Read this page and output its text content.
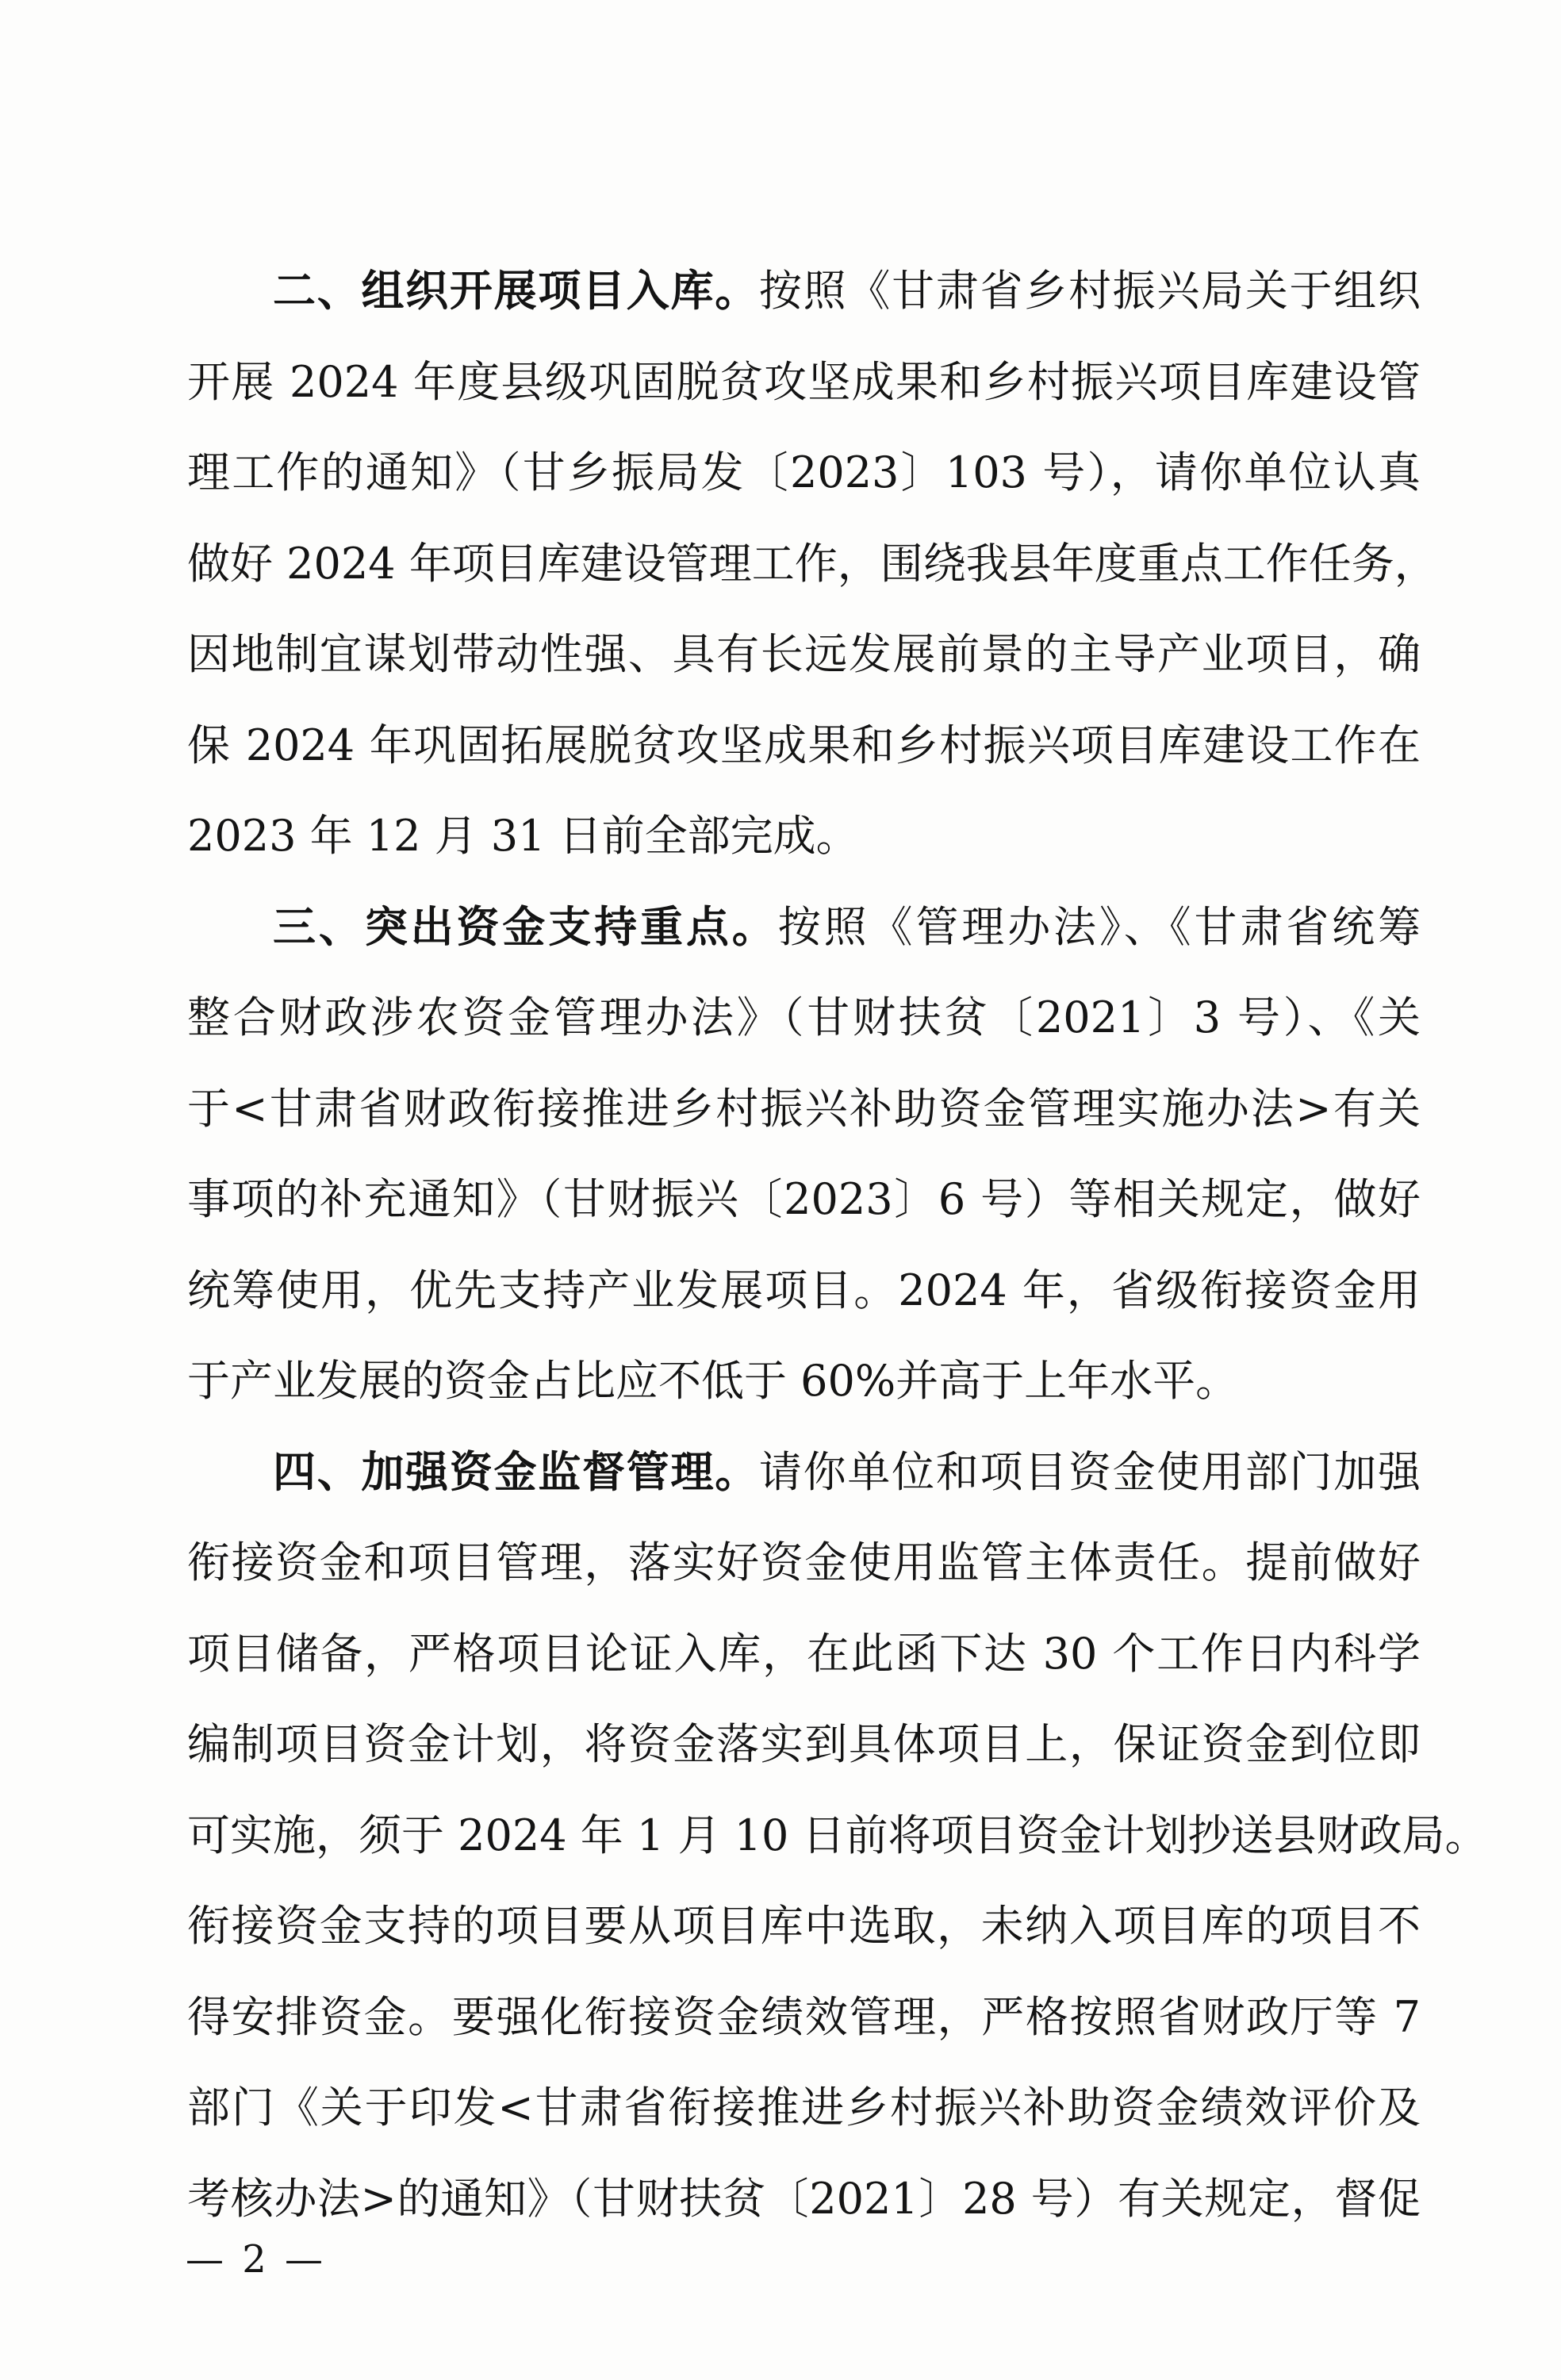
二、组织开展项目入库。按照《甘肃省乡村振兴局关于组织
开展 2024 年度县级巩固脱贫攻坚成果和乡村振兴项目库建设管
理工作的通知》（甘乡振局发〔2023〕103 号），请你单位认真
做好 2024 年项目库建设管理工作，围绕我县年度重点工作任务，
因地制宜谋划带动性强、具有长远发展前景的主导产业项目，确
保 2024 年巩固拓展脱贫攻坚成果和乡村振兴项目库建设工作在
2023 年 12 月 31 日前全部完成。
三、突出资金支持重点。按照《管理办法》、《甘肃省统筹
整合财政涉农资金管理办法》（甘财扶贫〔2021〕3 号）、《关
于<甘肃省财政衔接推进乡村振兴补助资金管理实施办法>有关
事项的补充通知》（甘财振兴〔2023〕6 号）等相关规定，做好
统筹使用，优先支持产业发展项目。2024 年，省级衔接资金用
于产业发展的资金占比应不低于 60%并高于上年水平。
四、加强资金监督管理。请你单位和项目资金使用部门加强
衔接资金和项目管理，落实好资金使用监管主体责任。提前做好
项目储备，严格项目论证入库，在此函下达 30 个工作日内科学
编制项目资金计划，将资金落实到具体项目上，保证资金到位即
可实施，须于 2024 年 1 月 10 日前将项目资金计划抄送县财政局。
衔接资金支持的项目要从项目库中选取，未纳入项目库的项目不
得安排资金。要强化衔接资金绩效管理，严格按照省财政厅等 7
部门《关于印发<甘肃省衔接推进乡村振兴补助资金绩效评价及
考核办法>的通知》（甘财扶贫〔2021〕28 号）有关规定，督促
— 2 —
